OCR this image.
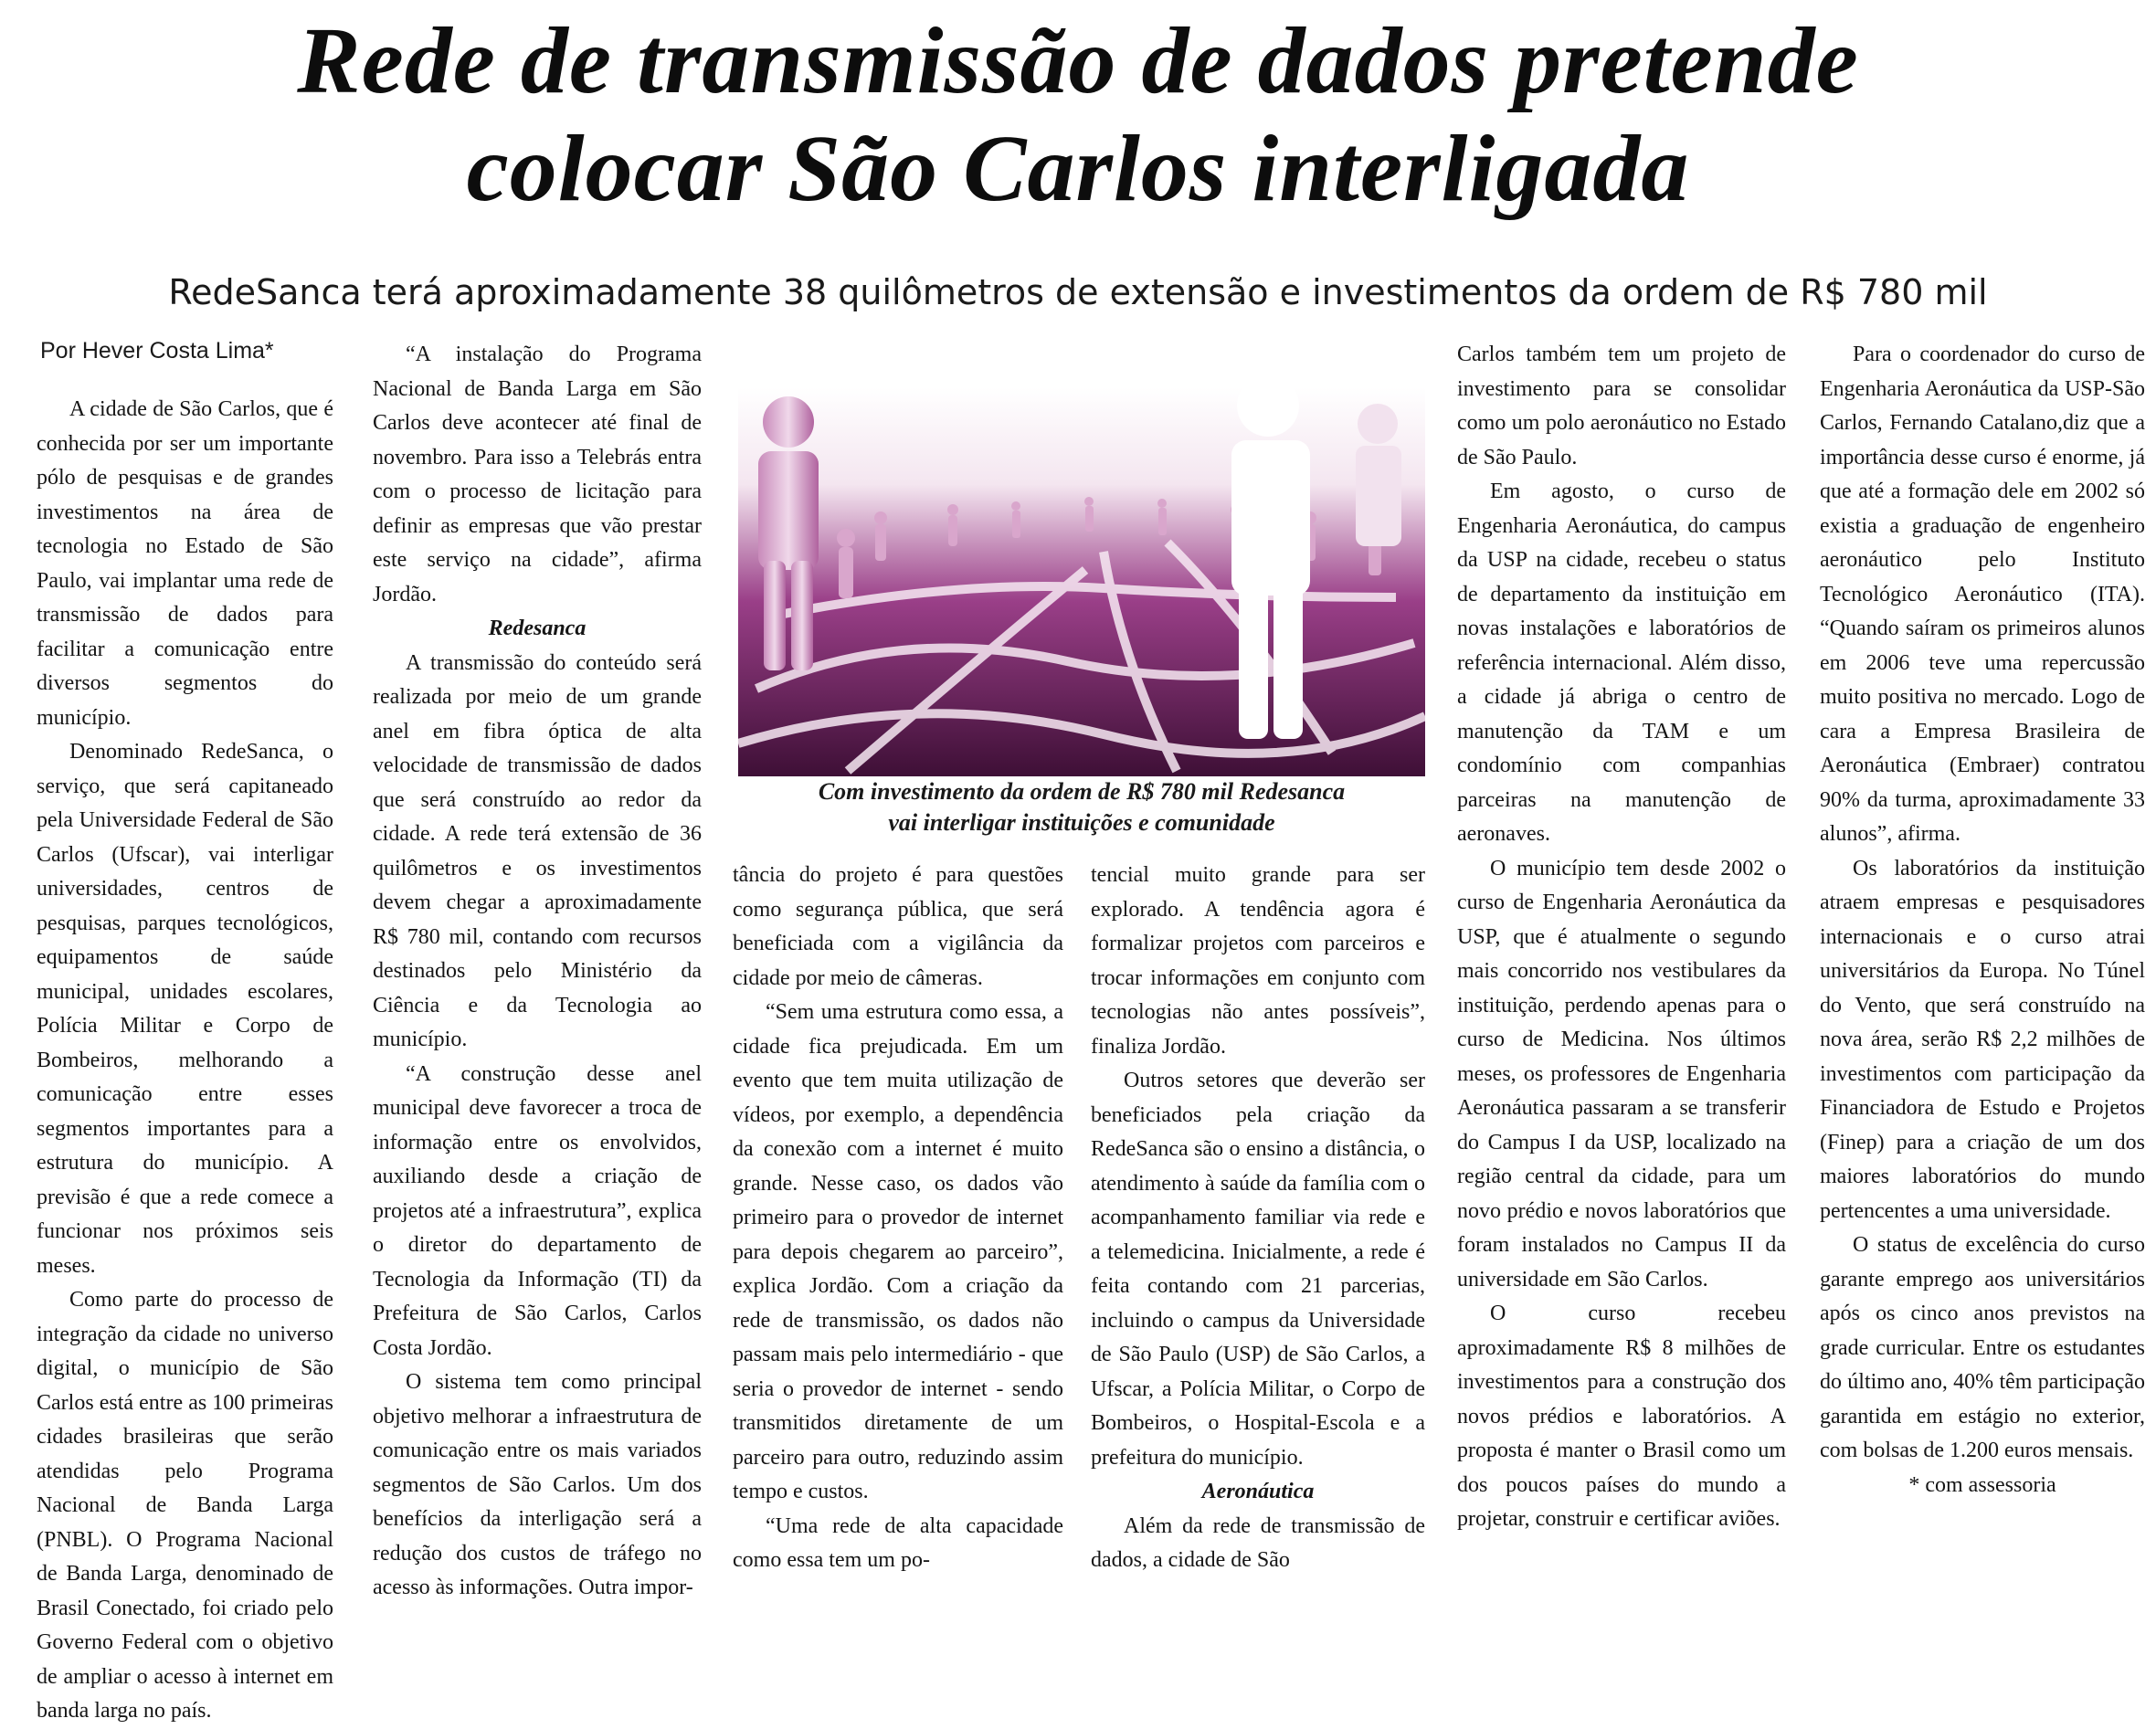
Rede de transmissão de dados pretende
colocar São Carlos interligada
RedeSanca terá aproximadamente 38 quilômetros de extensão e investimentos da ordem de R$ 780 mil
Por Hever Costa Lima*

A cidade de São Carlos, que é conhecida por ser um importante pólo de pesquisas e de grandes investimentos na área de tecnologia no Estado de São Paulo, vai implantar uma rede de transmissão de dados para facilitar a comunicação entre diversos segmentos do município.

Denominado RedeSanca, o serviço, que será capitaneado pela Universidade Federal de São Carlos (Ufscar), vai interligar universidades, centros de pesquisas, parques tecnológicos, equipamentos de saúde municipal, unidades escolares, Polícia Militar e Corpo de Bombeiros, melhorando a comunicação entre esses segmentos importantes para a estrutura do município. A previsão é que a rede comece a funcionar nos próximos seis meses.

Como parte do processo de integração da cidade no universo digital, o município de São Carlos está entre as 100 primeiras cidades brasileiras que serão atendidas pelo Programa Nacional de Banda Larga (PNBL). O Programa Nacional de Banda Larga, denominado de Brasil Conectado, foi criado pelo Governo Federal com o objetivo de ampliar o acesso à internet em banda larga no país.

“A instalação do Programa Nacional de Banda Larga em São Carlos deve acontecer até final de novembro. Para isso a Telebrás entra com o processo de licitação para definir as empresas que vão prestar este serviço na cidade”, afirma Jordão.

Redesanca

A transmissão do conteúdo será realizada por meio de um grande anel em fibra óptica de alta velocidade de transmissão de dados que será construído ao redor da cidade. A rede terá extensão de 36 quilômetros e os investimentos devem chegar a aproximadamente R$ 780 mil, contando com recursos destinados pelo Ministério da Ciência e da Tecnologia ao município.

“A construção desse anel municipal deve favorecer a troca de informação entre os envolvidos, auxiliando desde a criação de projetos até a infraestrutura”, explica o diretor do departamento de Tecnologia da Informação (TI) da Prefeitura de São Carlos, Carlos Costa Jordão.

O sistema tem como principal objetivo melhorar a infraestrutura de comunicação entre os mais variados segmentos de São Carlos. Um dos benefícios da interligação será a redução dos custos de tráfego no acesso às informações. Outra impor-

Com investimento da ordem de R$ 780 mil Redesanca
vai interligar instituições e comunidade

tância do projeto é para questões como segurança pública, que será beneficiada com a vigilância da cidade por meio de câmeras.

“Sem uma estrutura como essa, a cidade fica prejudicada. Em um evento que tem muita utilização de vídeos, por exemplo, a dependência da conexão com a internet é muito grande. Nesse caso, os dados vão primeiro para o provedor de internet para depois chegarem ao parceiro”, explica Jordão. Com a criação da rede de transmissão, os dados não passam mais pelo intermediário - que seria o provedor de internet - sendo transmitidos diretamente de um parceiro para outro, reduzindo assim tempo e custos.

“Uma rede de alta capacidade como essa tem um po-

tencial muito grande para ser explorado. A tendência agora é formalizar projetos com parceiros e trocar informações em conjunto com tecnologias não antes possíveis”, finaliza Jordão.

Outros setores que deverão ser beneficiados pela criação da RedeSanca são o ensino a distância, o atendimento à saúde da família com o acompanhamento familiar via rede e a telemedicina. Inicialmente, a rede é feita contando com 21 parcerias, incluindo o campus da Universidade de São Paulo (USP) de São Carlos, a Ufscar, a Polícia Militar, o Corpo de Bombeiros, o Hospital-Escola e a prefeitura do município.

Aeronáutica

Além da rede de transmissão de dados, a cidade de São

Carlos também tem um projeto de investimento para se consolidar como um polo aeronáutico no Estado de São Paulo.

Em agosto, o curso de Engenharia Aeronáutica, do campus da USP na cidade, recebeu o status de departamento da instituição em novas instalações e laboratórios de referência internacional. Além disso, a cidade já abriga o centro de manutenção da TAM e um condomínio com companhias parceiras na manutenção de aeronaves.

O município tem desde 2002 o curso de Engenharia Aeronáutica da USP, que é atualmente o segundo mais concorrido nos vestibulares da instituição, perdendo apenas para o curso de Medicina. Nos últimos meses, os professores de Engenharia Aeronáutica passaram a se transferir do Campus I da USP, localizado na região central da cidade, para um novo prédio e novos laboratórios que foram instalados no Campus II da universidade em São Carlos.

O curso recebeu aproximadamente R$ 8 milhões de investimentos para a construção dos novos prédios e laboratórios. A proposta é manter o Brasil como um dos poucos países do mundo a projetar, construir e certificar aviões.

Para o coordenador do curso de Engenharia Aeronáutica da USP-São Carlos, Fernando Catalano,diz que a importância desse curso é enorme, já que até a formação dele em 2002 só existia a graduação de engenheiro aeronáutico pelo Instituto Tecnológico Aeronáutico (ITA). “Quando saíram os primeiros alunos em 2006 teve uma repercussão muito positiva no mercado. Logo de cara a Empresa Brasileira de Aeronáutica (Embraer) contratou 90% da turma, aproximadamente 33 alunos”, afirma.

Os laboratórios da instituição atraem empresas e pesquisadores internacionais e o curso atrai universitários da Europa. No Túnel do Vento, que será construído na nova área, serão R$ 2,2 milhões de investimentos com participação da Financiadora de Estudo e Projetos (Finep) para a criação de um dos maiores laboratórios do mundo pertencentes a uma universidade.

O status de excelência do curso garante emprego aos universitários após os cinco anos previstos na grade curricular. Entre os estudantes do último ano, 40% têm participação garantida em estágio no exterior, com bolsas de 1.200 euros mensais.

* com assessoria
